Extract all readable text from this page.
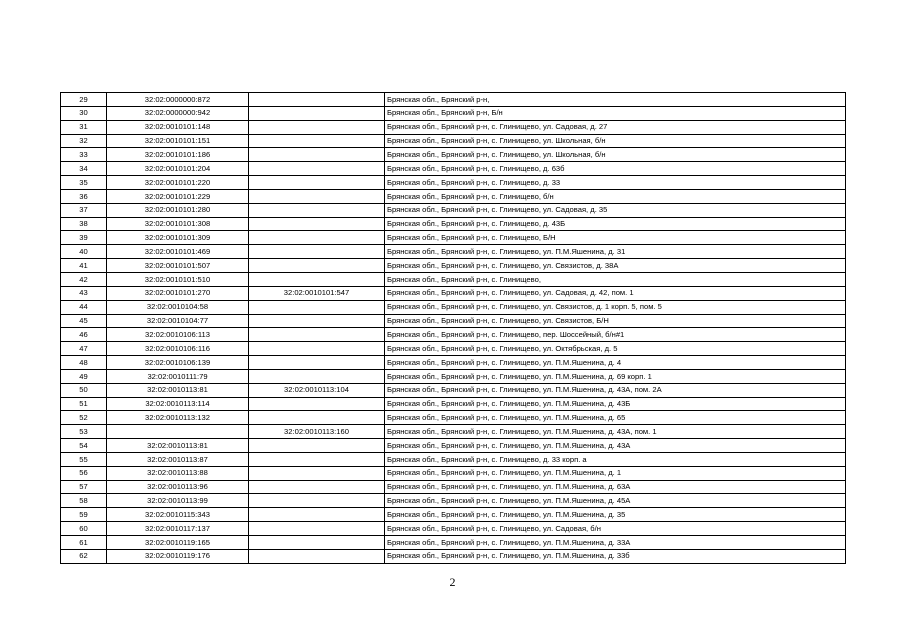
29	32:02:0000000:872		Брянская обл., Брянский р-н,
30	32:02:0000000:942		Брянская обл., Брянский р-н, Б/н
31	32:02:0010101:148		Брянская обл., Брянский р-н, с. Глинищево, ул. Садовая, д. 27
32	32:02:0010101:151		Брянская обл., Брянский р-н, с. Глинищево, ул. Школьная, б/н
33	32:02:0010101:186		Брянская обл., Брянский р-н, с. Глинищево, ул. Школьная, б/н
34	32:02:0010101:204		Брянская обл., Брянский р-н, с. Глинищево, д. 63б
35	32:02:0010101:220		Брянская обл., Брянский р-н, с. Глинищево, д. 33
36	32:02:0010101:229		Брянская обл., Брянский р-н, с. Глинищево, б/н
37	32:02:0010101:280		Брянская обл., Брянский р-н, с. Глинищево, ул. Садовая, д. 35
38	32:02:0010101:308		Брянская обл., Брянский р-н, с. Глинищево, д. 43Б
39	32:02:0010101:309		Брянская обл., Брянский р-н, с. Глинищево, Б/Н
40	32:02:0010101:469		Брянская обл., Брянский р-н, с. Глинищево, ул. П.М.Яшенина, д. 31
41	32:02:0010101:507		Брянская обл., Брянский р-н, с. Глинищево, ул. Связистов, д. 38А
42	32:02:0010101:510		Брянская обл., Брянский р-н, с. Глинищево,
43	32:02:0010101:270	32:02:0010101:547	Брянская обл., Брянский р-н, с. Глинищево, ул. Садовая, д. 42, пом. 1
44	32:02:0010104:58		Брянская обл., Брянский р-н, с. Глинищево, ул. Связистов, д. 1 корп. 5, пом. 5
45	32:02:0010104:77		Брянская обл., Брянский р-н, с. Глинищево, ул. Связистов, Б/Н
46	32:02:0010106:113		Брянская обл., Брянский р-н, с. Глинищево, пер. Шоссейный, б/н#1
47	32:02:0010106:116		Брянская обл., Брянский р-н, с. Глинищево, ул. Октябрьская, д. 5
48	32:02:0010106:139		Брянская обл., Брянский р-н, с. Глинищево, ул. П.М.Яшенина, д. 4
49	32:02:0010111:79		Брянская обл., Брянский р-н, с. Глинищево, ул. П.М.Яшенина, д. 69 корп. 1
50	32:02:0010113:81	32:02:0010113:104	Брянская обл., Брянский р-н, с. Глинищево, ул. П.М.Яшенина, д. 43А, пом. 2А
51	32:02:0010113:114		Брянская обл., Брянский р-н, с. Глинищево, ул. П.М.Яшенина, д. 43Б
52	32:02:0010113:132		Брянская обл., Брянский р-н, с. Глинищево, ул. П.М.Яшенина, д. 65
53		32:02:0010113:160	Брянская обл., Брянский р-н, с. Глинищево, ул. П.М.Яшенина, д. 43А, пом. 1
54	32:02:0010113:81		Брянская обл., Брянский р-н, с. Глинищево, ул. П.М.Яшенина, д. 43А
55	32:02:0010113:87		Брянская обл., Брянский р-н, с. Глинищево, д. 33 корп. а
56	32:02:0010113:88		Брянская обл., Брянский р-н, с. Глинищево, ул. П.М.Яшенина, д. 1
57	32:02:0010113:96		Брянская обл., Брянский р-н, с. Глинищево, ул. П.М.Яшенина, д. 63А
58	32:02:0010113:99		Брянская обл., Брянский р-н, с. Глинищево, ул. П.М.Яшенина, д. 45А
59	32:02:0010115:343		Брянская обл., Брянский р-н, с. Глинищево, ул. П.М.Яшенина, д. 35
60	32:02:0010117:137		Брянская обл., Брянский р-н, с. Глинищево, ул. Садовая, б/н
61	32:02:0010119:165		Брянская обл., Брянский р-н, с. Глинищево, ул. П.М.Яшенина, д. 33А
62	32:02:0010119:176		Брянская обл., Брянский р-н, с. Глинищево, ул. П.М.Яшенина, д. 33б
2
